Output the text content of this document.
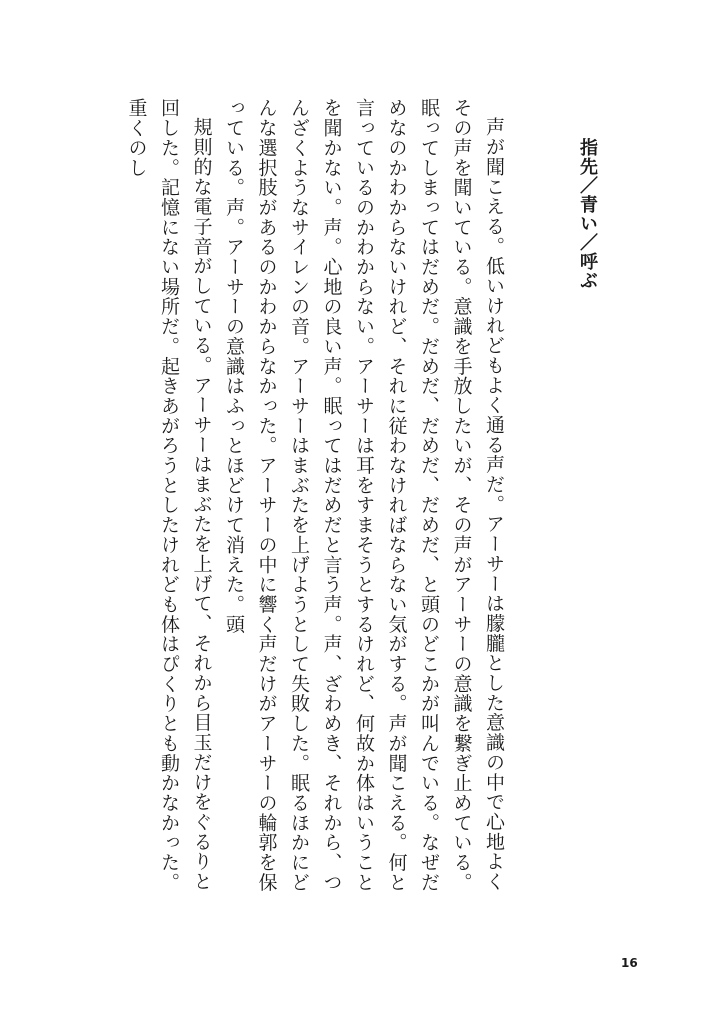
指先／青い／呼ぶ

声が聞こえる。低いけれどもよく通る声だ。アーサーは朦朧とした意識の中で心地よくその声を聞いている。意識を手放したいが、その声がアーサーの意識を繋ぎ止めている。眠ってしまってはだめだ。だめだ、だめだ、だめだ、と頭のどこかが叫んでいる。なぜだめなのかわからないけれど、それに従わなければならない気がする。声が聞こえる。何と言っているのかわからない。アーサーは耳をすまそうとするけれど、何故か体はいうことを聞かない。声。心地の良い声。眠ってはだめだと言う声。声、ざわめき、それから、つんざくようなサイレンの音。アーサーはまぶたを上げようとして失敗した。眠るほかにどんな選択肢があるのかわからなかった。アーサーの中に響く声だけがアーサーの輪郭を保っている。声。アーサーの意識はふっとほどけて消えた。頭

規則的な電子音がしている。アーサーはまぶたを上げて、それから目玉だけをぐるりと回した。記憶にない場所だ。起きあがろうとしたけれども体はぴくりとも動かなかった。重くのし

16
